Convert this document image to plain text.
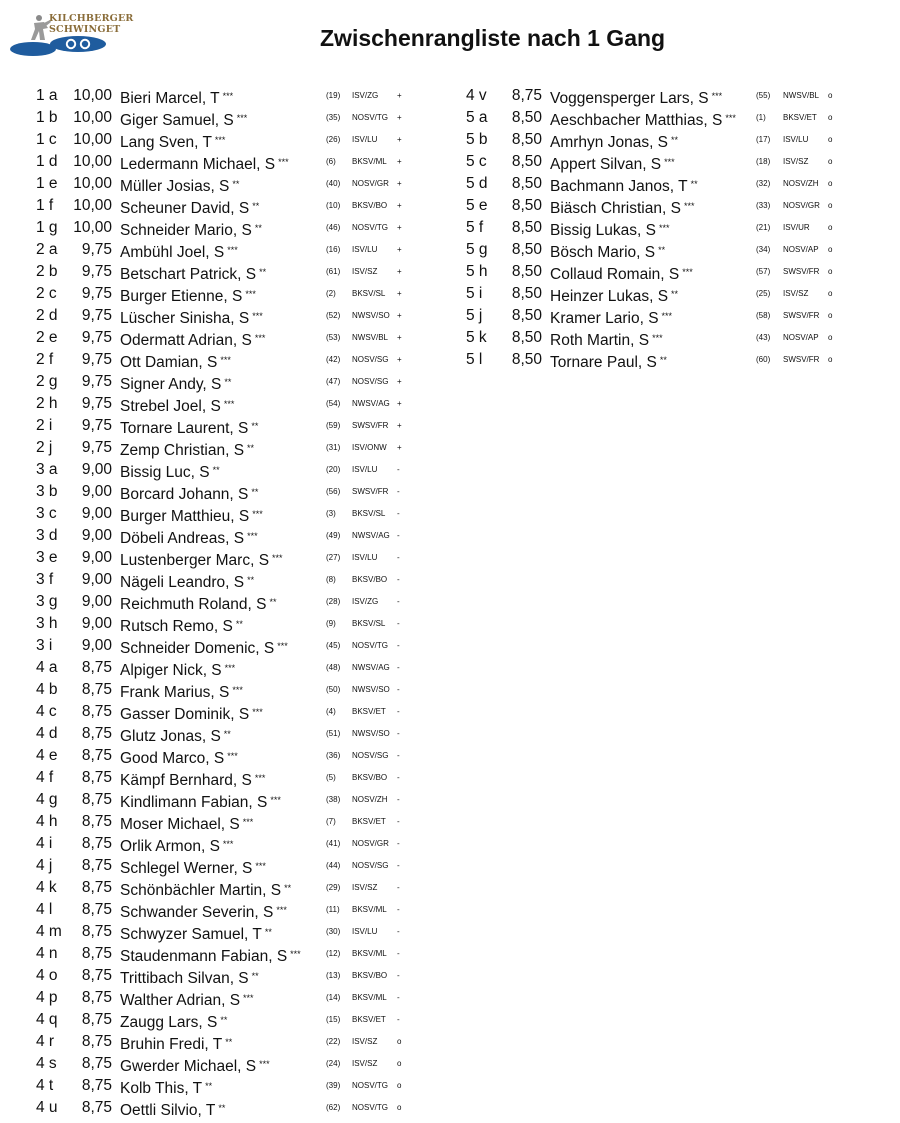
KILCHBERGER
SCHWINGET	Zwischenrangliste nach 1 Gang
1 a	10,00 Bieri Marcel, T ***	(19) ISV/ZG +
1 b	10,00 Giger Samuel, S ***	(35) NOSV/TG +
1 c	10,00 Lang Sven, T ***	(26) ISV/LU +
1 d	10,00 Ledermann Michael, S ***	(6) BKSV/ML +
1 e	10,00 Müller Josias, S **	(40) NOSV/GR +
1 f	10,00 Scheuner David, S **	(10) BKSV/BO +
1 g	10,00 Schneider Mario, S **	(46) NOSV/TG +
2 a	9,75 Ambühl Joel, S ***	(16) ISV/LU +
2 b	9,75 Betschart Patrick, S **	(61) ISV/SZ +
2 c	9,75 Burger Etienne, S ***	(2) BKSV/SL +
2 d	9,75 Lüscher Sinisha, S ***	(52) NWSV/SO +
2 e	9,75 Odermatt Adrian, S ***	(53) NWSV/BL +
2 f	9,75 Ott Damian, S ***	(42) NOSV/SG +
2 g	9,75 Signer Andy, S **	(47) NOSV/SG +
2 h	9,75 Strebel Joel, S ***	(54) NWSV/AG +
2 i	9,75 Tornare Laurent, S **	(59) SWSV/FR +
2 j	9,75 Zemp Christian, S **	(31) ISV/ONW +
3 a	9,00 Bissig Luc, S **	(20) ISV/LU -
3 b	9,00 Borcard Johann, S **	(56) SWSV/FR -
3 c	9,00 Burger Matthieu, S ***	(3) BKSV/SL -
3 d	9,00 Döbeli Andreas, S ***	(49) NWSV/AG -
3 e	9,00 Lustenberger Marc, S ***	(27) ISV/LU -
3 f	9,00 Nägeli Leandro, S **	(8) BKSV/BO -
3 g	9,00 Reichmuth Roland, S **	(28) ISV/ZG -
3 h	9,00 Rutsch Remo, S **	(9) BKSV/SL -
3 i	9,00 Schneider Domenic, S ***	(45) NOSV/TG -
4 a	8,75 Alpiger Nick, S ***	(48) NWSV/AG -
4 b	8,75 Frank Marius, S ***	(50) NWSV/SO -
4 c	8,75 Gasser Dominik, S ***	(4) BKSV/ET -
4 d	8,75 Glutz Jonas, S **	(51) NWSV/SO -
4 e	8,75 Good Marco, S ***	(36) NOSV/SG -
4 f	8,75 Kämpf Bernhard, S ***	(5) BKSV/BO -
4 g	8,75 Kindlimann Fabian, S ***	(38) NOSV/ZH -
4 h	8,75 Moser Michael, S ***	(7) BKSV/ET -
4 i	8,75 Orlik Armon, S ***	(41) NOSV/GR -
4 j	8,75 Schlegel Werner, S ***	(44) NOSV/SG -
4 k	8,75 Schönbächler Martin, S **	(29) ISV/SZ -
4 l	8,75 Schwander Severin, S ***	(11) BKSV/ML -
4 m	8,75 Schwyzer Samuel, T **	(30) ISV/LU -
4 n	8,75 Staudenmann Fabian, S ***	(12) BKSV/ML -
4 o	8,75 Trittibach Silvan, S **	(13) BKSV/BO -
4 p	8,75 Walther Adrian, S ***	(14) BKSV/ML -
4 q	8,75 Zaugg Lars, S **	(15) BKSV/ET -
4 r	8,75 Bruhin Fredi, T **	(22) ISV/SZ o
4 s	8,75 Gwerder Michael, S ***	(24) ISV/SZ o
4 t	8,75 Kolb This, T **	(39) NOSV/TG o
4 u	8,75 Oettli Silvio, T **	(62) NOSV/TG o
4 v	8,75 Voggensperger Lars, S ***	(55) NWSV/BL o
5 a	8,50 Aeschbacher Matthias, S ***	(1) BKSV/ET o
5 b	8,50 Amrhyn Jonas, S **	(17) ISV/LU o
5 c	8,50 Appert Silvan, S ***	(18) ISV/SZ o
5 d	8,50 Bachmann Janos, T **	(32) NOSV/ZH o
5 e	8,50 Biäsch Christian, S ***	(33) NOSV/GR o
5 f	8,50 Bissig Lukas, S ***	(21) ISV/UR o
5 g	8,50 Bösch Mario, S **	(34) NOSV/AP o
5 h	8,50 Collaud Romain, S ***	(57) SWSV/FR o
5 i	8,50 Heinzer Lukas, S **	(25) ISV/SZ o
5 j	8,50 Kramer Lario, S ***	(58) SWSV/FR o
5 k	8,50 Roth Martin, S ***	(43) NOSV/AP o
5 l	8,50 Tornare Paul, S **	(60) SWSV/FR o
